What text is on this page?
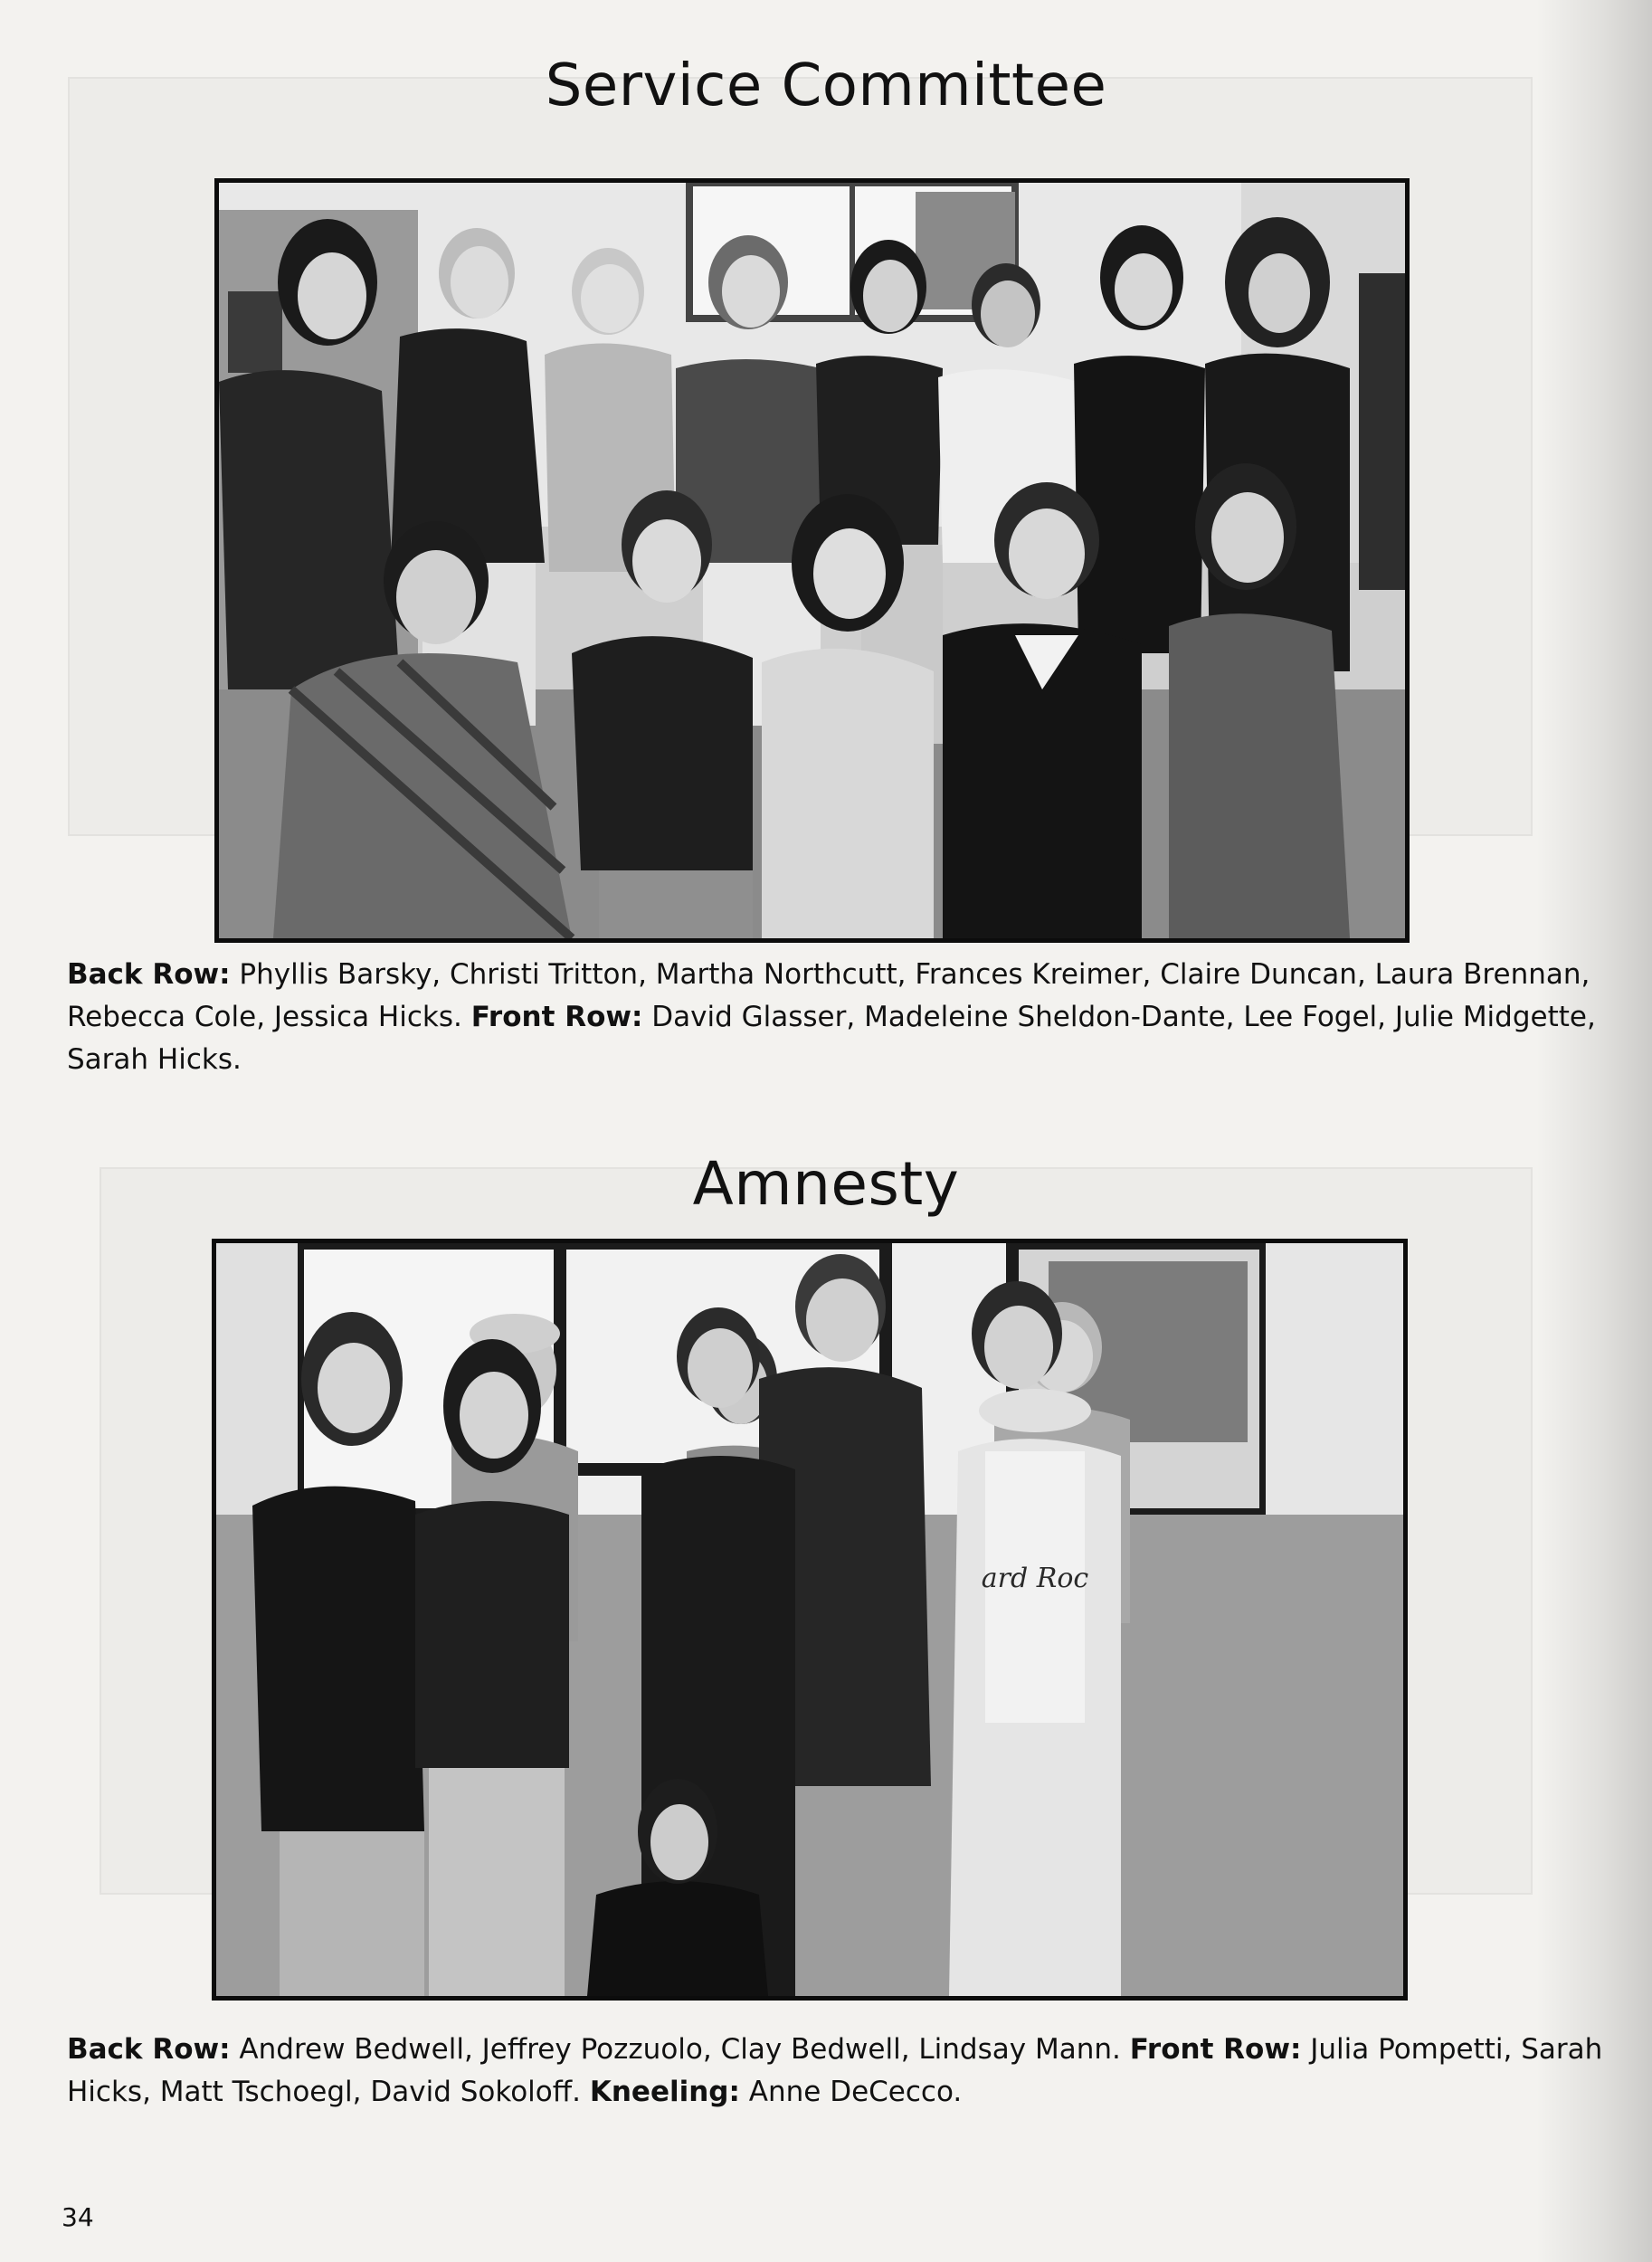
Service Committee

Back Row: Phyllis Barsky, Christi Tritton, Martha Northcutt, Frances Kreimer, Claire Duncan, Laura Brennan, Rebecca Cole, Jessica Hicks. Front Row: David Glasser, Madeleine Sheldon-Dante, Lee Fogel, Julie Midgette, Sarah Hicks.

Amnesty
ard Roc

Back Row: Andrew Bedwell, Jeffrey Pozzuolo, Clay Bedwell, Lindsay Mann. Front Row: Julia Pompetti, Sarah Hicks, Matt Tschoegl, David Sokoloff. Kneeling: Anne DeCecco.

34
